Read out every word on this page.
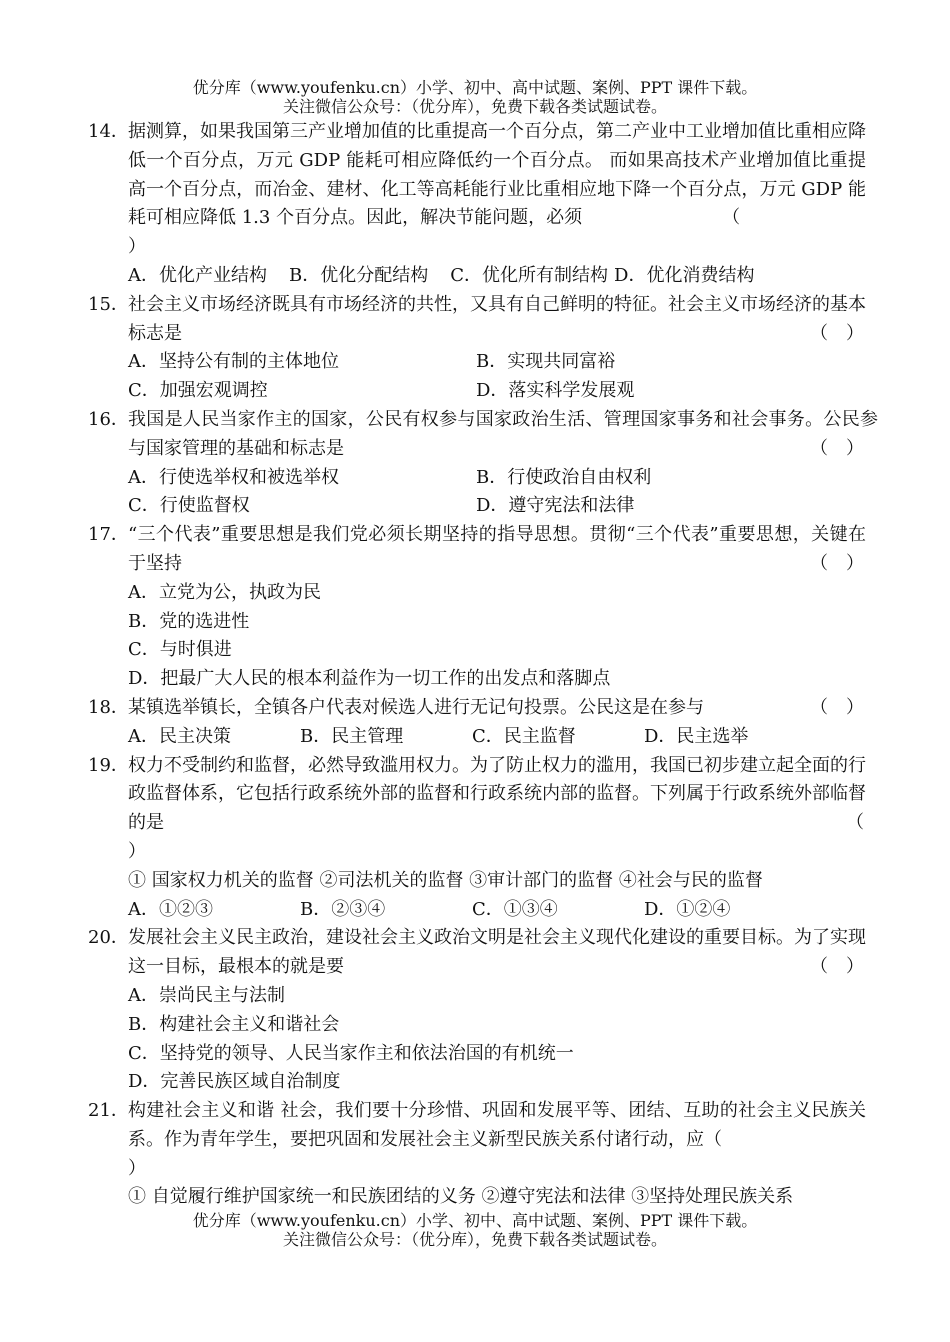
优分库（www.youfenku.cn）小学、初中、高中试题、案例、PPT 课件下载。
关注微信公众号：（优分库），免费下载各类试题试卷。
14． 据测算，如果我国第三产业增加值的比重提高一个百分点，第二产业中工业增加值比重相应降低一个百分点，万元 GDP 能耗可相应降低约一个百分点。 而如果高技术产业增加值比重提高一个百分点，而冶金、建材、化工等高耗能行业比重相应地下降一个百分点，万元 GDP 能耗可相应降低 1.3 个百分点。因此，解决节能问题，必须	（
）
A．优化产业结构 B．优化分配结构 C．优化所有制结构 D．优化消费结构
15． 社会主义市场经济既具有市场经济的共性，又具有自己鲜明的特征。社会主义市场经济的基本标志是	（　）
A．坚持公有制的主体地位	B．实现共同富裕
C．加强宏观调控	D．落实科学发展观
16． 我国是人民当家作主的国家，公民有权参与国家政治生活、管理国家事务和社会事务。公民参与国家管理的基础和标志是	（　）
A．行使选举权和被选举权	B．行使政治自由权利
C．行使监督权	D．遵守宪法和法律
17． “三个代表”重要思想是我们党必须长期坚持的指导思想。贯彻“三个代表”重要思想，关键在于坚持	（　）
A．立党为公，执政为民
B．党的选进性
C．与时俱进
D．把最广大人民的根本利益作为一切工作的出发点和落脚点
18． 某镇选举镇长，全镇各户代表对候选人进行无记句投票。公民这是在参与	（　）
A．民主决策	B．民主管理	C．民主监督	D．民主选举
19． 权力不受制约和监督，必然导致滥用权力。为了防止权力的滥用，我国已初步建立起全面的行政监督体系，它包括行政系统外部的监督和行政系统内部的监督。下列属于行政系统外部临督的是	（
）
① 国家权力机关的监督 ②司法机关的监督 ③审计部门的监督 ④社会与民的监督
A．①②③	B．②③④	C．①③④	D．①②④
20． 发展社会主义民主政治，建设社会主义政治文明是社会主义现代化建设的重要目标。为了实现这一目标，最根本的就是要	（　）
A．崇尚民主与法制
B．构建社会主义和谐社会
C．坚持党的领导、人民当家作主和依法治国的有机统一
D．完善民族区域自治制度
21． 构建社会主义和谐 社会，我们要十分珍惜、巩固和发展平等、团结、互助的社会主义民族关系。作为青年学生，要把巩固和发展社会主义新型民族关系付诸行动，应（
）
① 自觉履行维护国家统一和民族团结的义务 ②遵守宪法和法律 ③坚持处理民族关系
优分库（www.youfenku.cn）小学、初中、高中试题、案例、PPT 课件下载。
关注微信公众号：（优分库），免费下载各类试题试卷。
